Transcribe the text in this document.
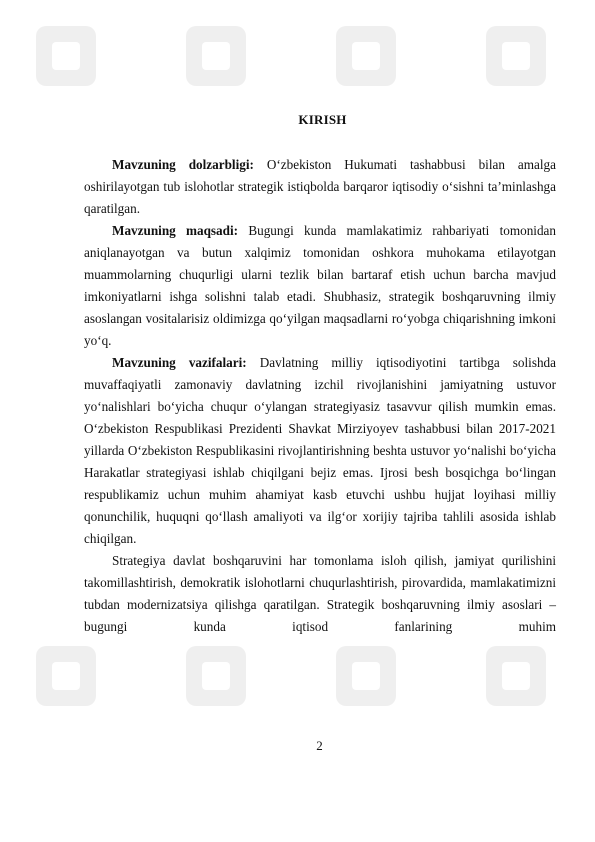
KIRISH

Mavzuning dolzarbligi: O‘zbekiston Hukumati tashabbusi bilan amalga oshirilayotgan tub islohotlar strategik istiqbolda barqaror iqtisodiy o‘sishni ta’minlashga qaratilgan.

Mavzuning maqsadi: Bugungi kunda mamlakatimiz rahbariyati tomonidan aniqlanayotgan va butun xalqimiz tomonidan oshkora muhokama etilayotgan muammolarning chuqurligi ularni tezlik bilan bartaraf etish uchun barcha mavjud imkoniyatlarni ishga solishni talab etadi. Shubhasiz, strategik boshqaruvning ilmiy asoslangan vositalarisiz oldimizga qo‘yilgan maqsadlarni ro‘yobga chiqarishning imkoni yo‘q.

Mavzuning vazifalari: Davlatning milliy iqtisodiyotini tartibga solishda muvaffaqiyatli zamonaviy davlatning izchil rivojlanishini jamiyatning ustuvor yo‘nalishlari bo‘yicha chuqur o‘ylangan strategiyasiz tasavvur qilish mumkin emas. O‘zbekiston Respublikasi Prezidenti Shavkat Mirziyoyev tashabbusi bilan 2017-2021 yillarda O‘zbekiston Respublikasini rivojlantirishning beshta ustuvor yo‘nalishi bo‘yicha Harakatlar strategiyasi ishlab chiqilgani bejiz emas. Ijrosi besh bosqichga bo‘lingan respublikamiz uchun muhim ahamiyat kasb etuvchi ushbu hujjat loyihasi milliy qonunchilik, huquqni qo‘llash amaliyoti va ilg‘or xorijiy tajriba tahlili asosida ishlab chiqilgan.

Strategiya davlat boshqaruvini har tomonlama isloh qilish, jamiyat qurilishini takomillashtirish, demokratik islohotlarni chuqurlashtirish, pirovardida, mamlakatimizni tubdan modernizatsiya qilishga qaratilgan. Strategik boshqaruvning ilmiy asoslari – bugungi kunda iqtisod fanlarining muhim

2
